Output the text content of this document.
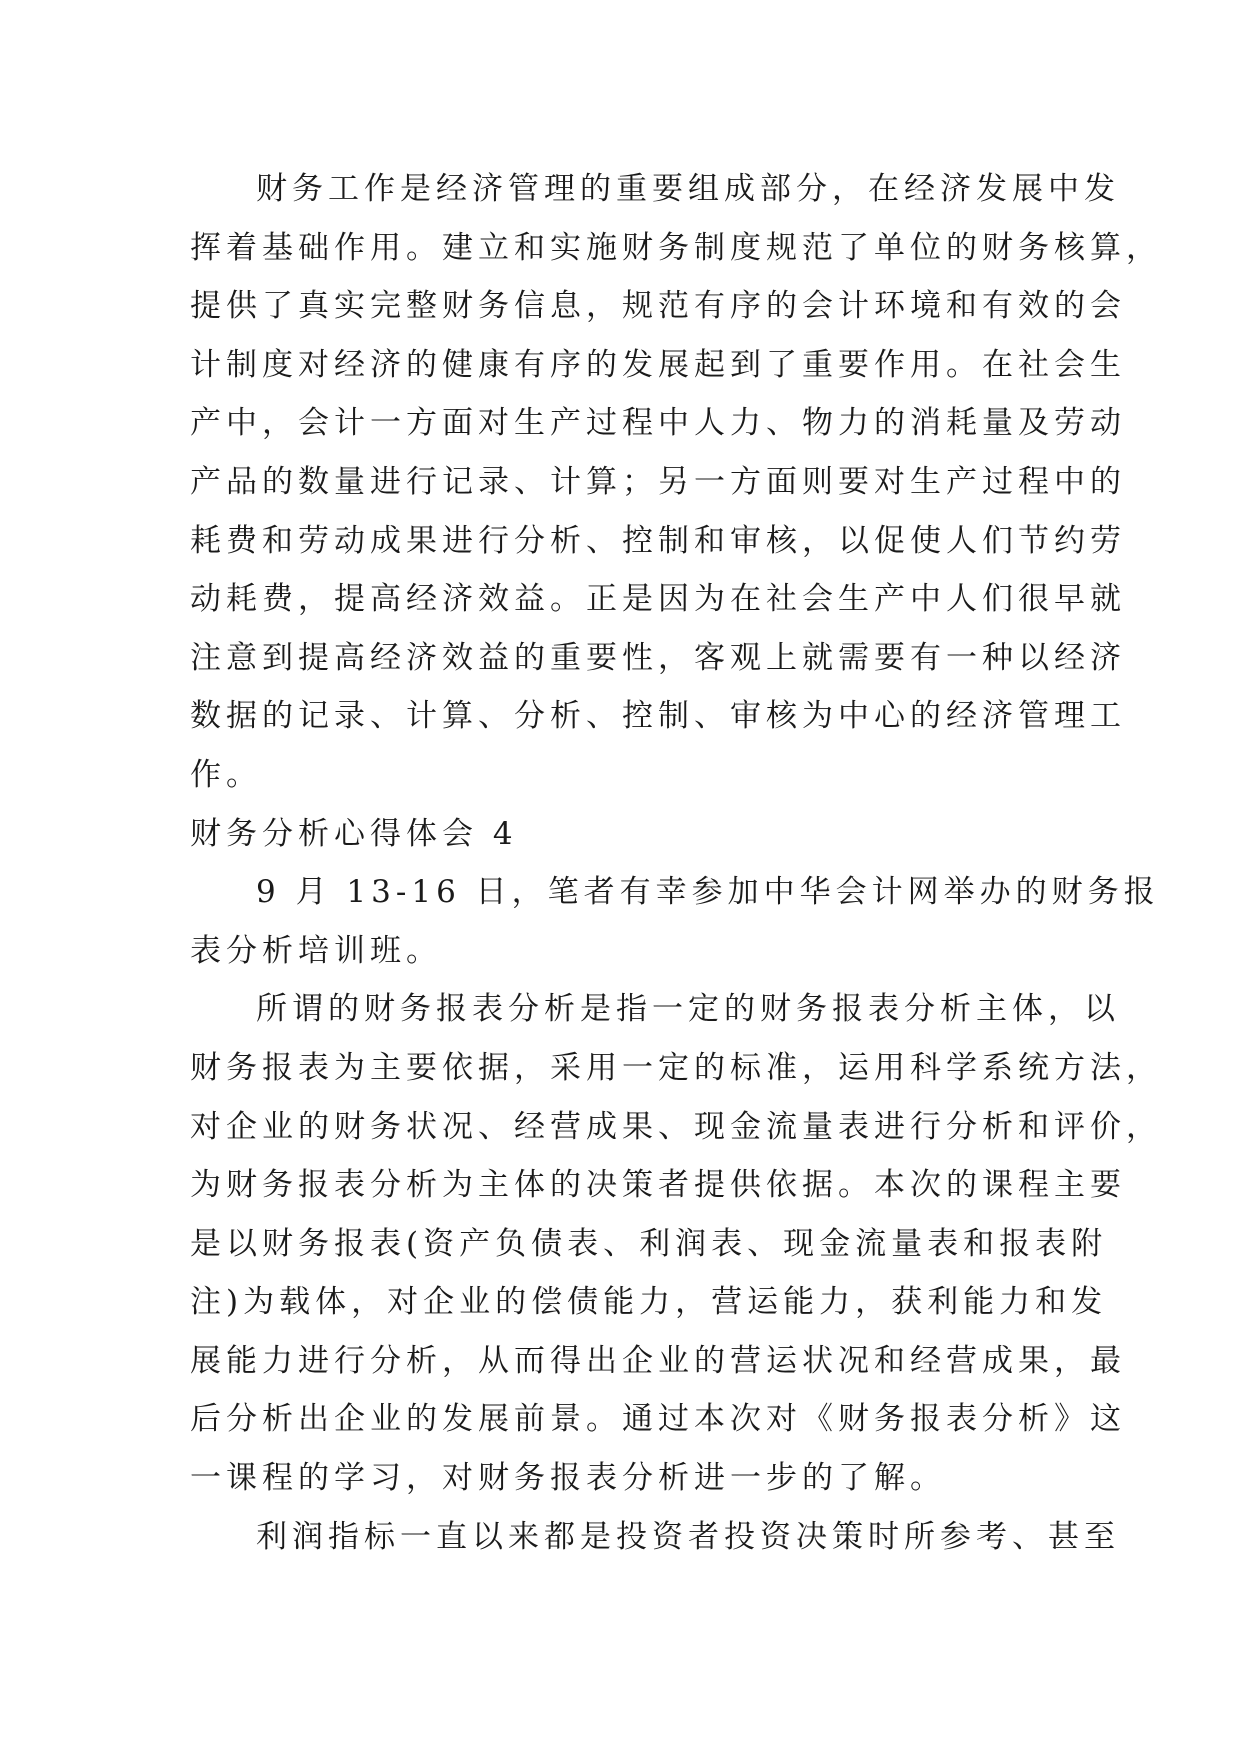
财务工作是经济管理的重要组成部分，在经济发展中发
挥着基础作用。建立和实施财务制度规范了单位的财务核算，
提供了真实完整财务信息，规范有序的会计环境和有效的会
计制度对经济的健康有序的发展起到了重要作用。在社会生
产中，会计一方面对生产过程中人力、物力的消耗量及劳动
产品的数量进行记录、计算；另一方面则要对生产过程中的
耗费和劳动成果进行分析、控制和审核，以促使人们节约劳
动耗费，提高经济效益。正是因为在社会生产中人们很早就
注意到提高经济效益的重要性，客观上就需要有一种以经济
数据的记录、计算、分析、控制、审核为中心的经济管理工
作。
财务分析心得体会 4
9 月 13-16 日，笔者有幸参加中华会计网举办的财务报
表分析培训班。
所谓的财务报表分析是指一定的财务报表分析主体，以
财务报表为主要依据，采用一定的标准，运用科学系统方法，
对企业的财务状况、经营成果、现金流量表进行分析和评价，
为财务报表分析为主体的决策者提供依据。本次的课程主要
是以财务报表(资产负债表、利润表、现金流量表和报表附
注)为载体，对企业的偿债能力，营运能力，获利能力和发
展能力进行分析，从而得出企业的营运状况和经营成果，最
后分析出企业的发展前景。通过本次对《财务报表分析》这
一课程的学习，对财务报表分析进一步的了解。
利润指标一直以来都是投资者投资决策时所参考、甚至
